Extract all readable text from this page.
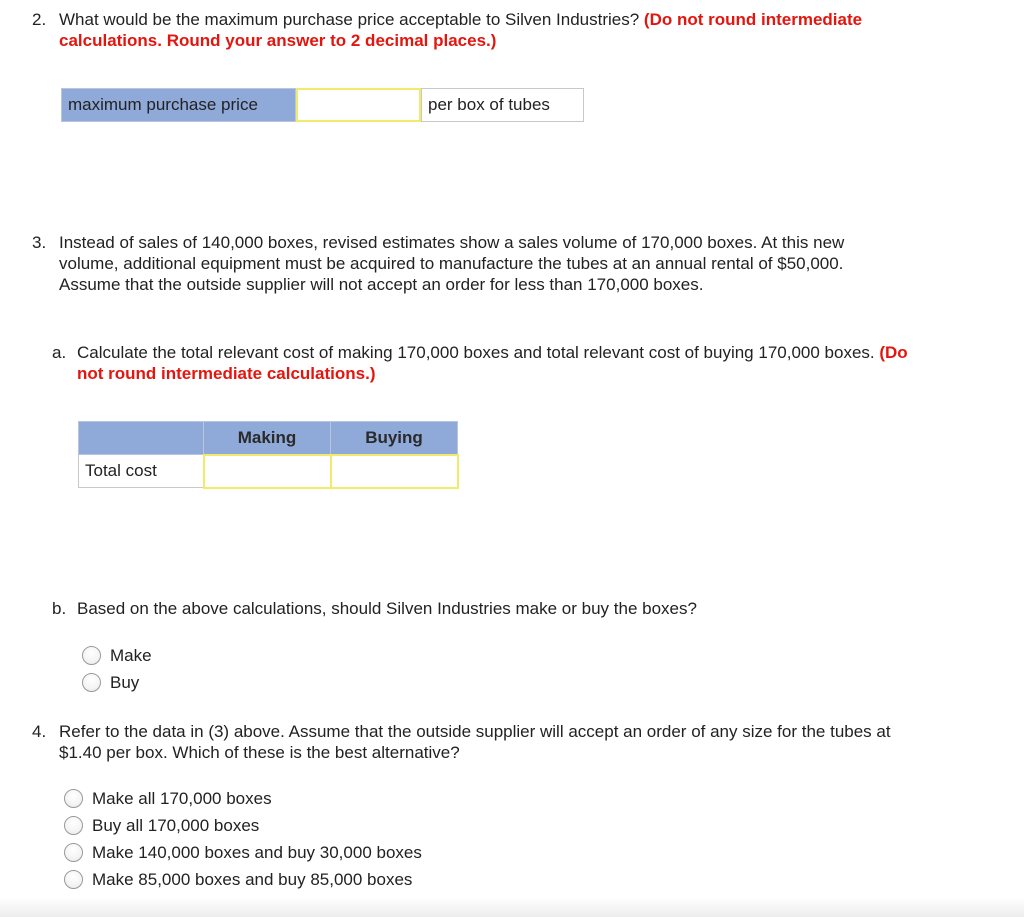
2. What would be the maximum purchase price acceptable to Silven Industries? (Do not round intermediate calculations. Round your answer to 2 decimal places.)
maximum purchase price	per box of tubes
3. Instead of sales of 140,000 boxes, revised estimates show a sales volume of 170,000 boxes. At this new volume, additional equipment must be acquired to manufacture the tubes at an annual rental of $50,000. Assume that the outside supplier will not accept an order for less than 170,000 boxes.
a. Calculate the total relevant cost of making 170,000 boxes and total relevant cost of buying 170,000 boxes. (Do not round intermediate calculations.)
	Making	Buying
Total cost		
b. Based on the above calculations, should Silven Industries make or buy the boxes?
Make
Buy
4. Refer to the data in (3) above. Assume that the outside supplier will accept an order of any size for the tubes at $1.40 per box. Which of these is the best alternative?
Make all 170,000 boxes
Buy all 170,000 boxes
Make 140,000 boxes and buy 30,000 boxes
Make 85,000 boxes and buy 85,000 boxes
